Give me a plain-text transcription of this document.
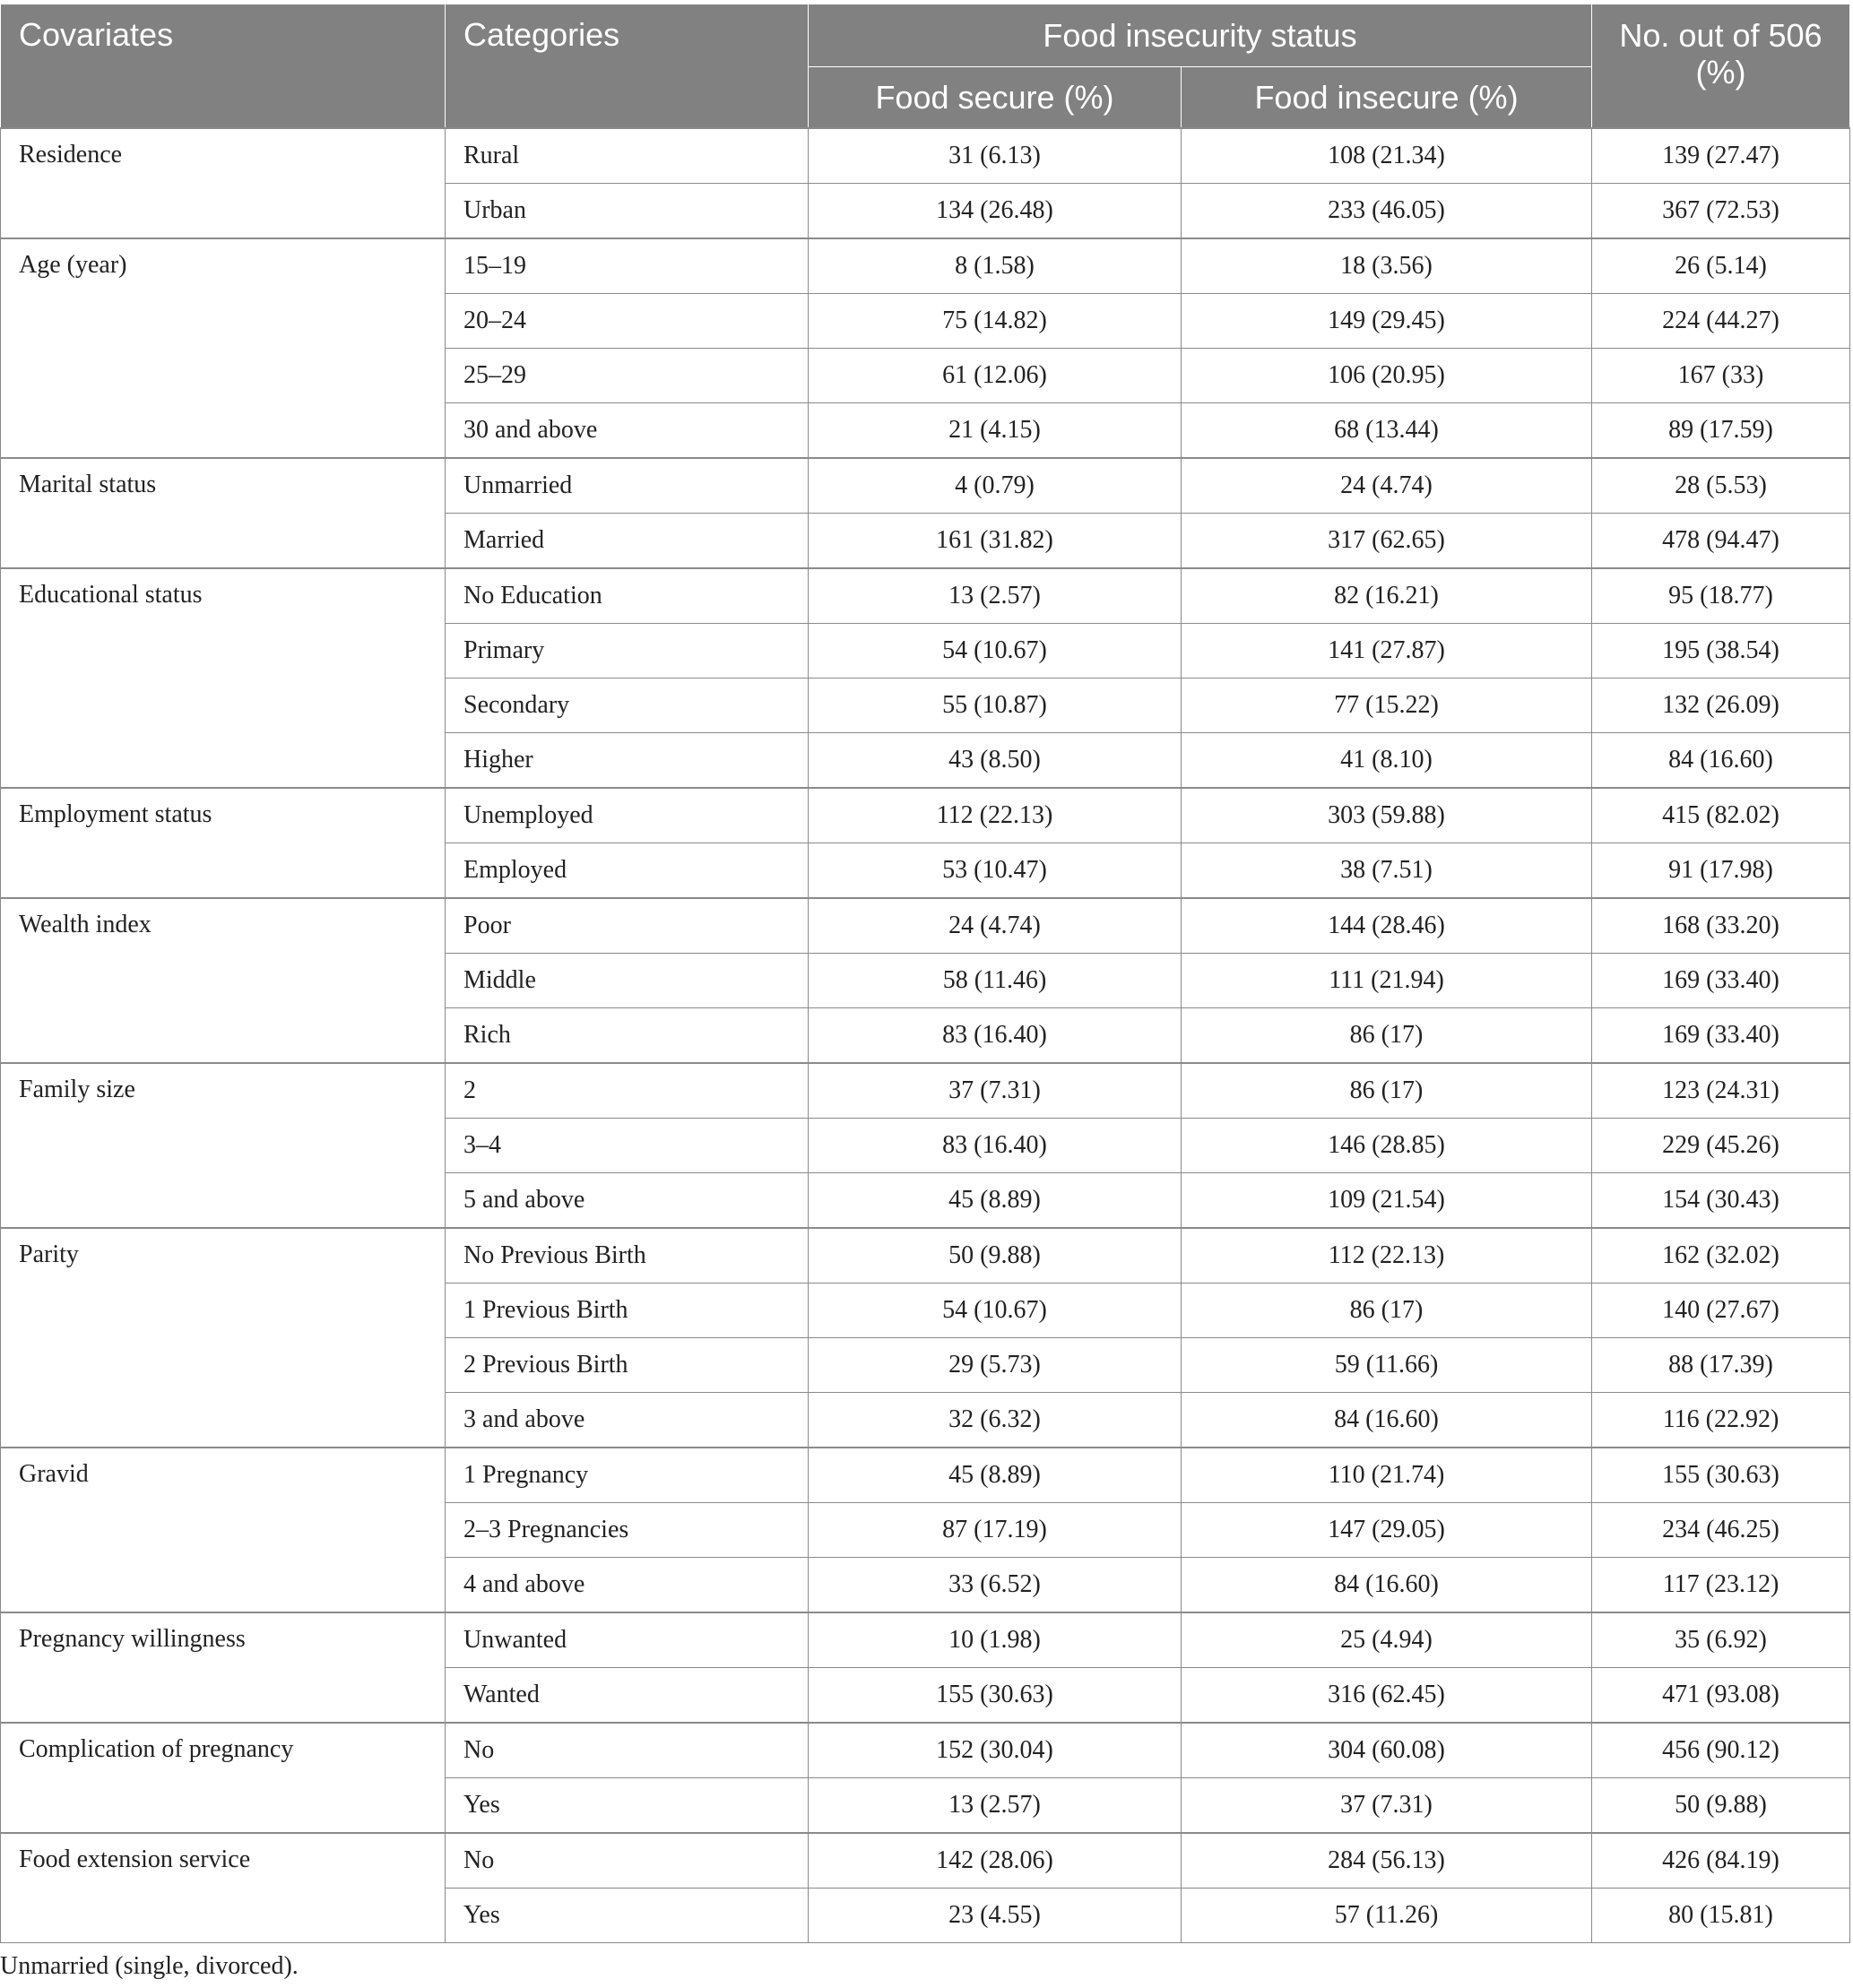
Covariates	Categories	Food insecurity status		No. out of 506 (%)
		Food secure (%)	Food insecure (%)	
Residence	Rural	31 (6.13)	108 (21.34)	139 (27.47)
	Urban	134 (26.48)	233 (46.05)	367 (72.53)
Age (year)	15–19	8 (1.58)	18 (3.56)	26 (5.14)
	20–24	75 (14.82)	149 (29.45)	224 (44.27)
	25–29	61 (12.06)	106 (20.95)	167 (33)
	30 and above	21 (4.15)	68 (13.44)	89 (17.59)
Marital status	Unmarried	4 (0.79)	24 (4.74)	28 (5.53)
	Married	161 (31.82)	317 (62.65)	478 (94.47)
Educational status	No Education	13 (2.57)	82 (16.21)	95 (18.77)
	Primary	54 (10.67)	141 (27.87)	195 (38.54)
	Secondary	55 (10.87)	77 (15.22)	132 (26.09)
	Higher	43 (8.50)	41 (8.10)	84 (16.60)
Employment status	Unemployed	112 (22.13)	303 (59.88)	415 (82.02)
	Employed	53 (10.47)	38 (7.51)	91 (17.98)
Wealth index	Poor	24 (4.74)	144 (28.46)	168 (33.20)
	Middle	58 (11.46)	111 (21.94)	169 (33.40)
	Rich	83 (16.40)	86 (17)	169 (33.40)
Family size	2	37 (7.31)	86 (17)	123 (24.31)
	3–4	83 (16.40)	146 (28.85)	229 (45.26)
	5 and above	45 (8.89)	109 (21.54)	154 (30.43)
Parity	No Previous Birth	50 (9.88)	112 (22.13)	162 (32.02)
	1 Previous Birth	54 (10.67)	86 (17)	140 (27.67)
	2 Previous Birth	29 (5.73)	59 (11.66)	88 (17.39)
	3 and above	32 (6.32)	84 (16.60)	116 (22.92)
Gravid	1 Pregnancy	45 (8.89)	110 (21.74)	155 (30.63)
	2–3 Pregnancies	87 (17.19)	147 (29.05)	234 (46.25)
	4 and above	33 (6.52)	84 (16.60)	117 (23.12)
Pregnancy willingness	Unwanted	10 (1.98)	25 (4.94)	35 (6.92)
	Wanted	155 (30.63)	316 (62.45)	471 (93.08)
Complication of pregnancy	No	152 (30.04)	304 (60.08)	456 (90.12)
	Yes	13 (2.57)	37 (7.31)	50 (9.88)
Food extension service	No	142 (28.06)	284 (56.13)	426 (84.19)
	Yes	23 (4.55)	57 (11.26)	80 (15.81)
Unmarried (single, divorced).
